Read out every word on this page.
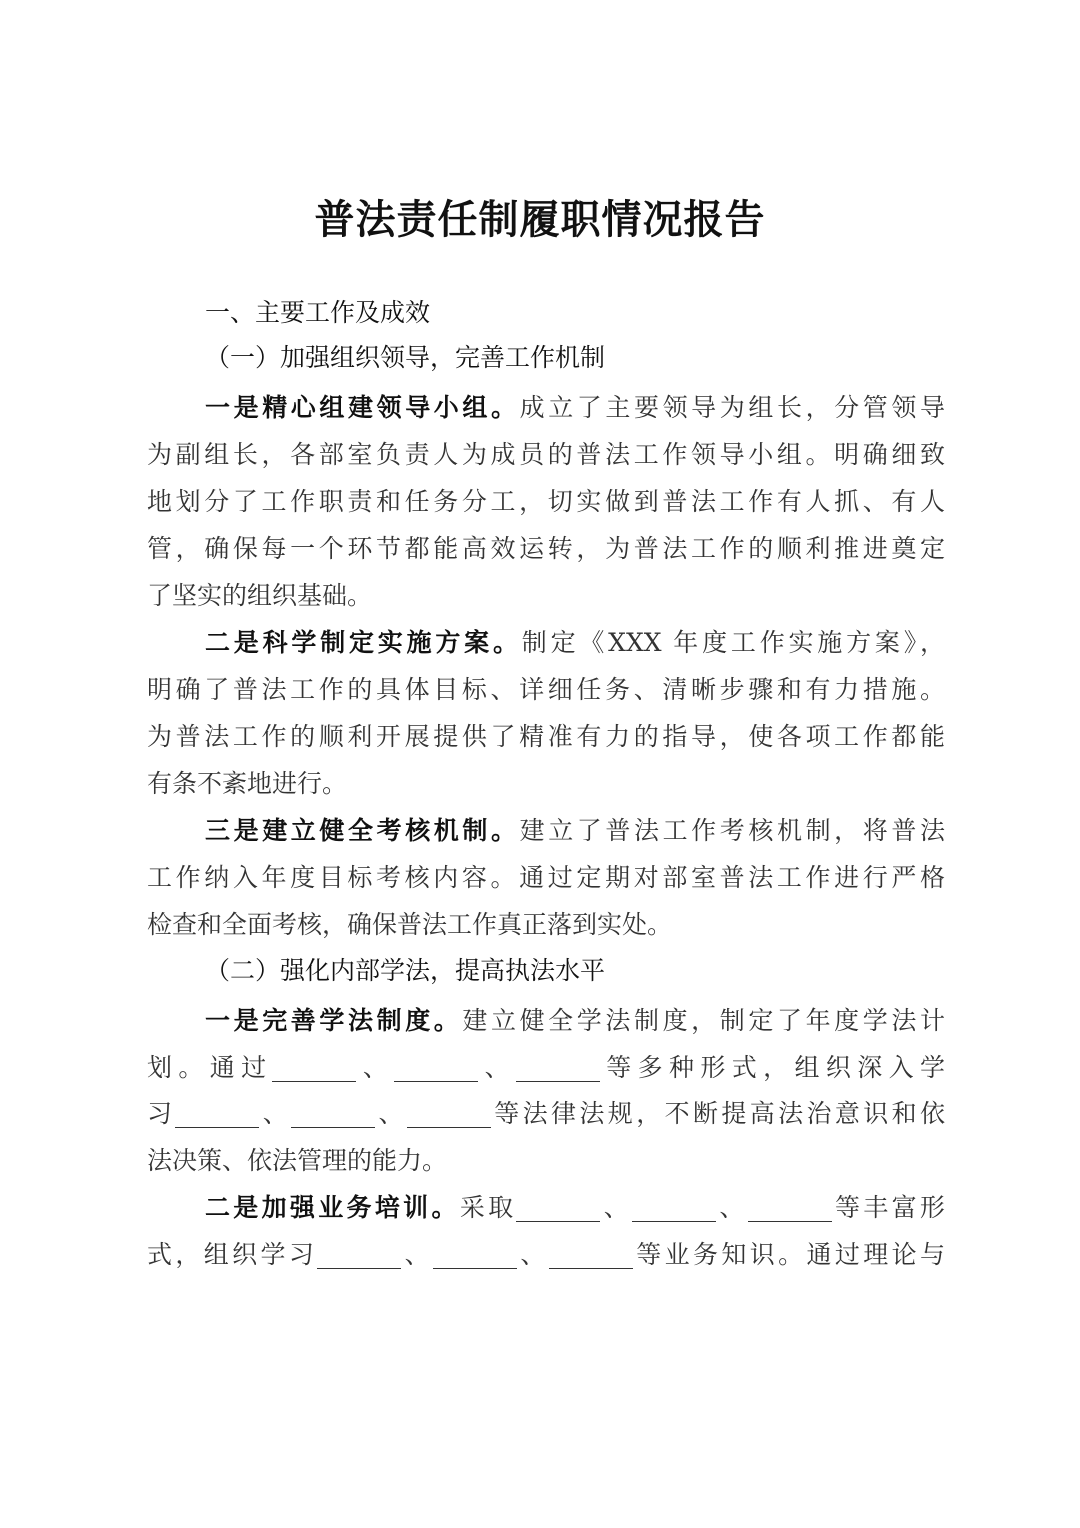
普法责任制履职情况报告
一、主要工作及成效
（一）加强组织领导，完善工作机制
一是精心组建领导小组。成立了主要领导为组长，分管领导
为副组长，各部室负责人为成员的普法工作领导小组。明确细致
地划分了工作职责和任务分工，切实做到普法工作有人抓、有人
管，确保每一个环节都能高效运转，为普法工作的顺利推进奠定
了坚实的组织基础。
二是科学制定实施方案。制定《XXX 年度工作实施方案》，
明确了普法工作的具体目标、详细任务、清晰步骤和有力措施。
为普法工作的顺利开展提供了精准有力的指导，使各项工作都能
有条不紊地进行。
三是建立健全考核机制。建立了普法工作考核机制，将普法
工作纳入年度目标考核内容。通过定期对部室普法工作进行严格
检查和全面考核，确保普法工作真正落到实处。
（二）强化内部学法，提高执法水平
一是完善学法制度。建立健全学法制度，制定了年度学法计
划。通过	、	、	等多种形式，组织深入学
习	、	、	等法律法规，不断提高法治意识和依
法决策、依法管理的能力。
二是加强业务培训。采取	、	、	等丰富形
式，组织学习	、	、	等业务知识。通过理论与
